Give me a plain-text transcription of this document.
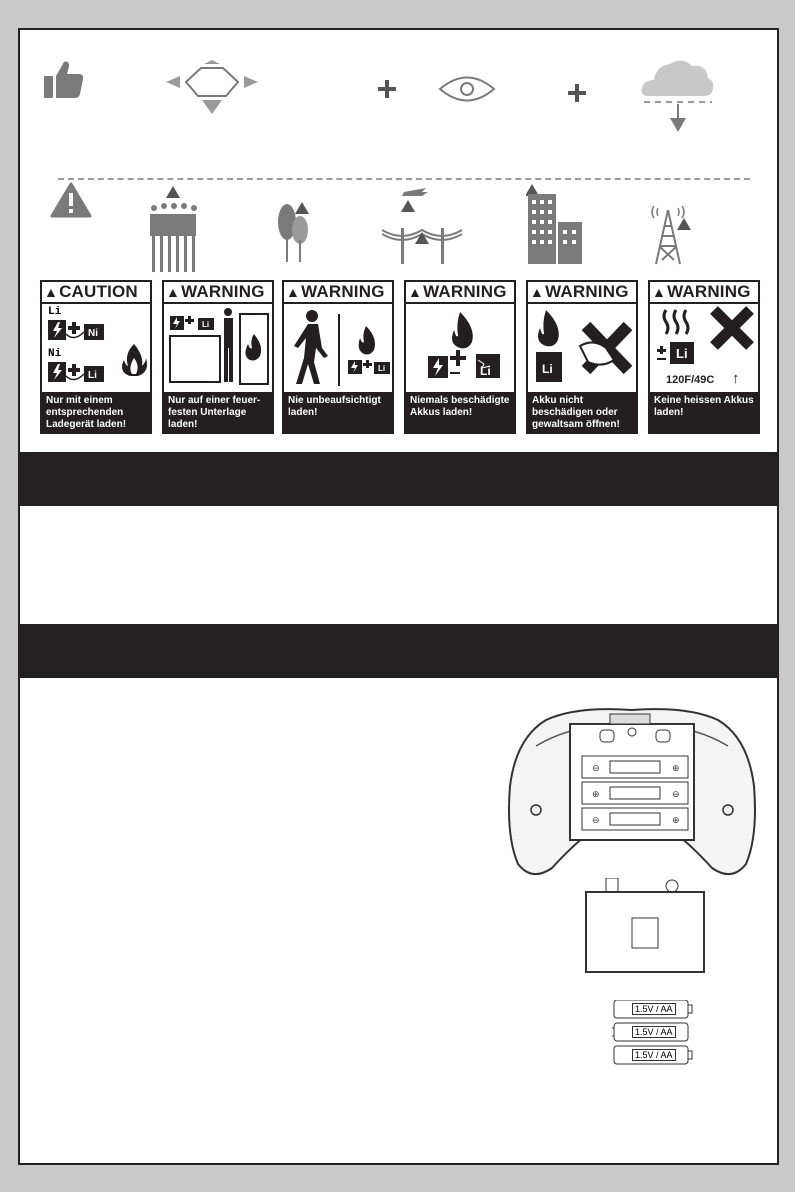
▲CAUTION
Li
Ni
Ni
Li
Nur mit einem entsprechenden Ladegerät laden!
▲WARNING
Li
Nur auf einer feuer-festen Unterlage laden!
▲WARNING
Li
Nie unbeaufsichtigt laden!
▲WARNING
Li
Niemals beschädigte Akkus laden!
▲WARNING
Li
Akku nicht beschädigen oder gewaltsam öffnen!
▲WARNING
Li
120F/49C ↑
Keine heissen Akkus laden!
⊖	⊕
⊕	⊖
⊖	⊕
1.5V / AA
1.5V / AA
1.5V / AA
